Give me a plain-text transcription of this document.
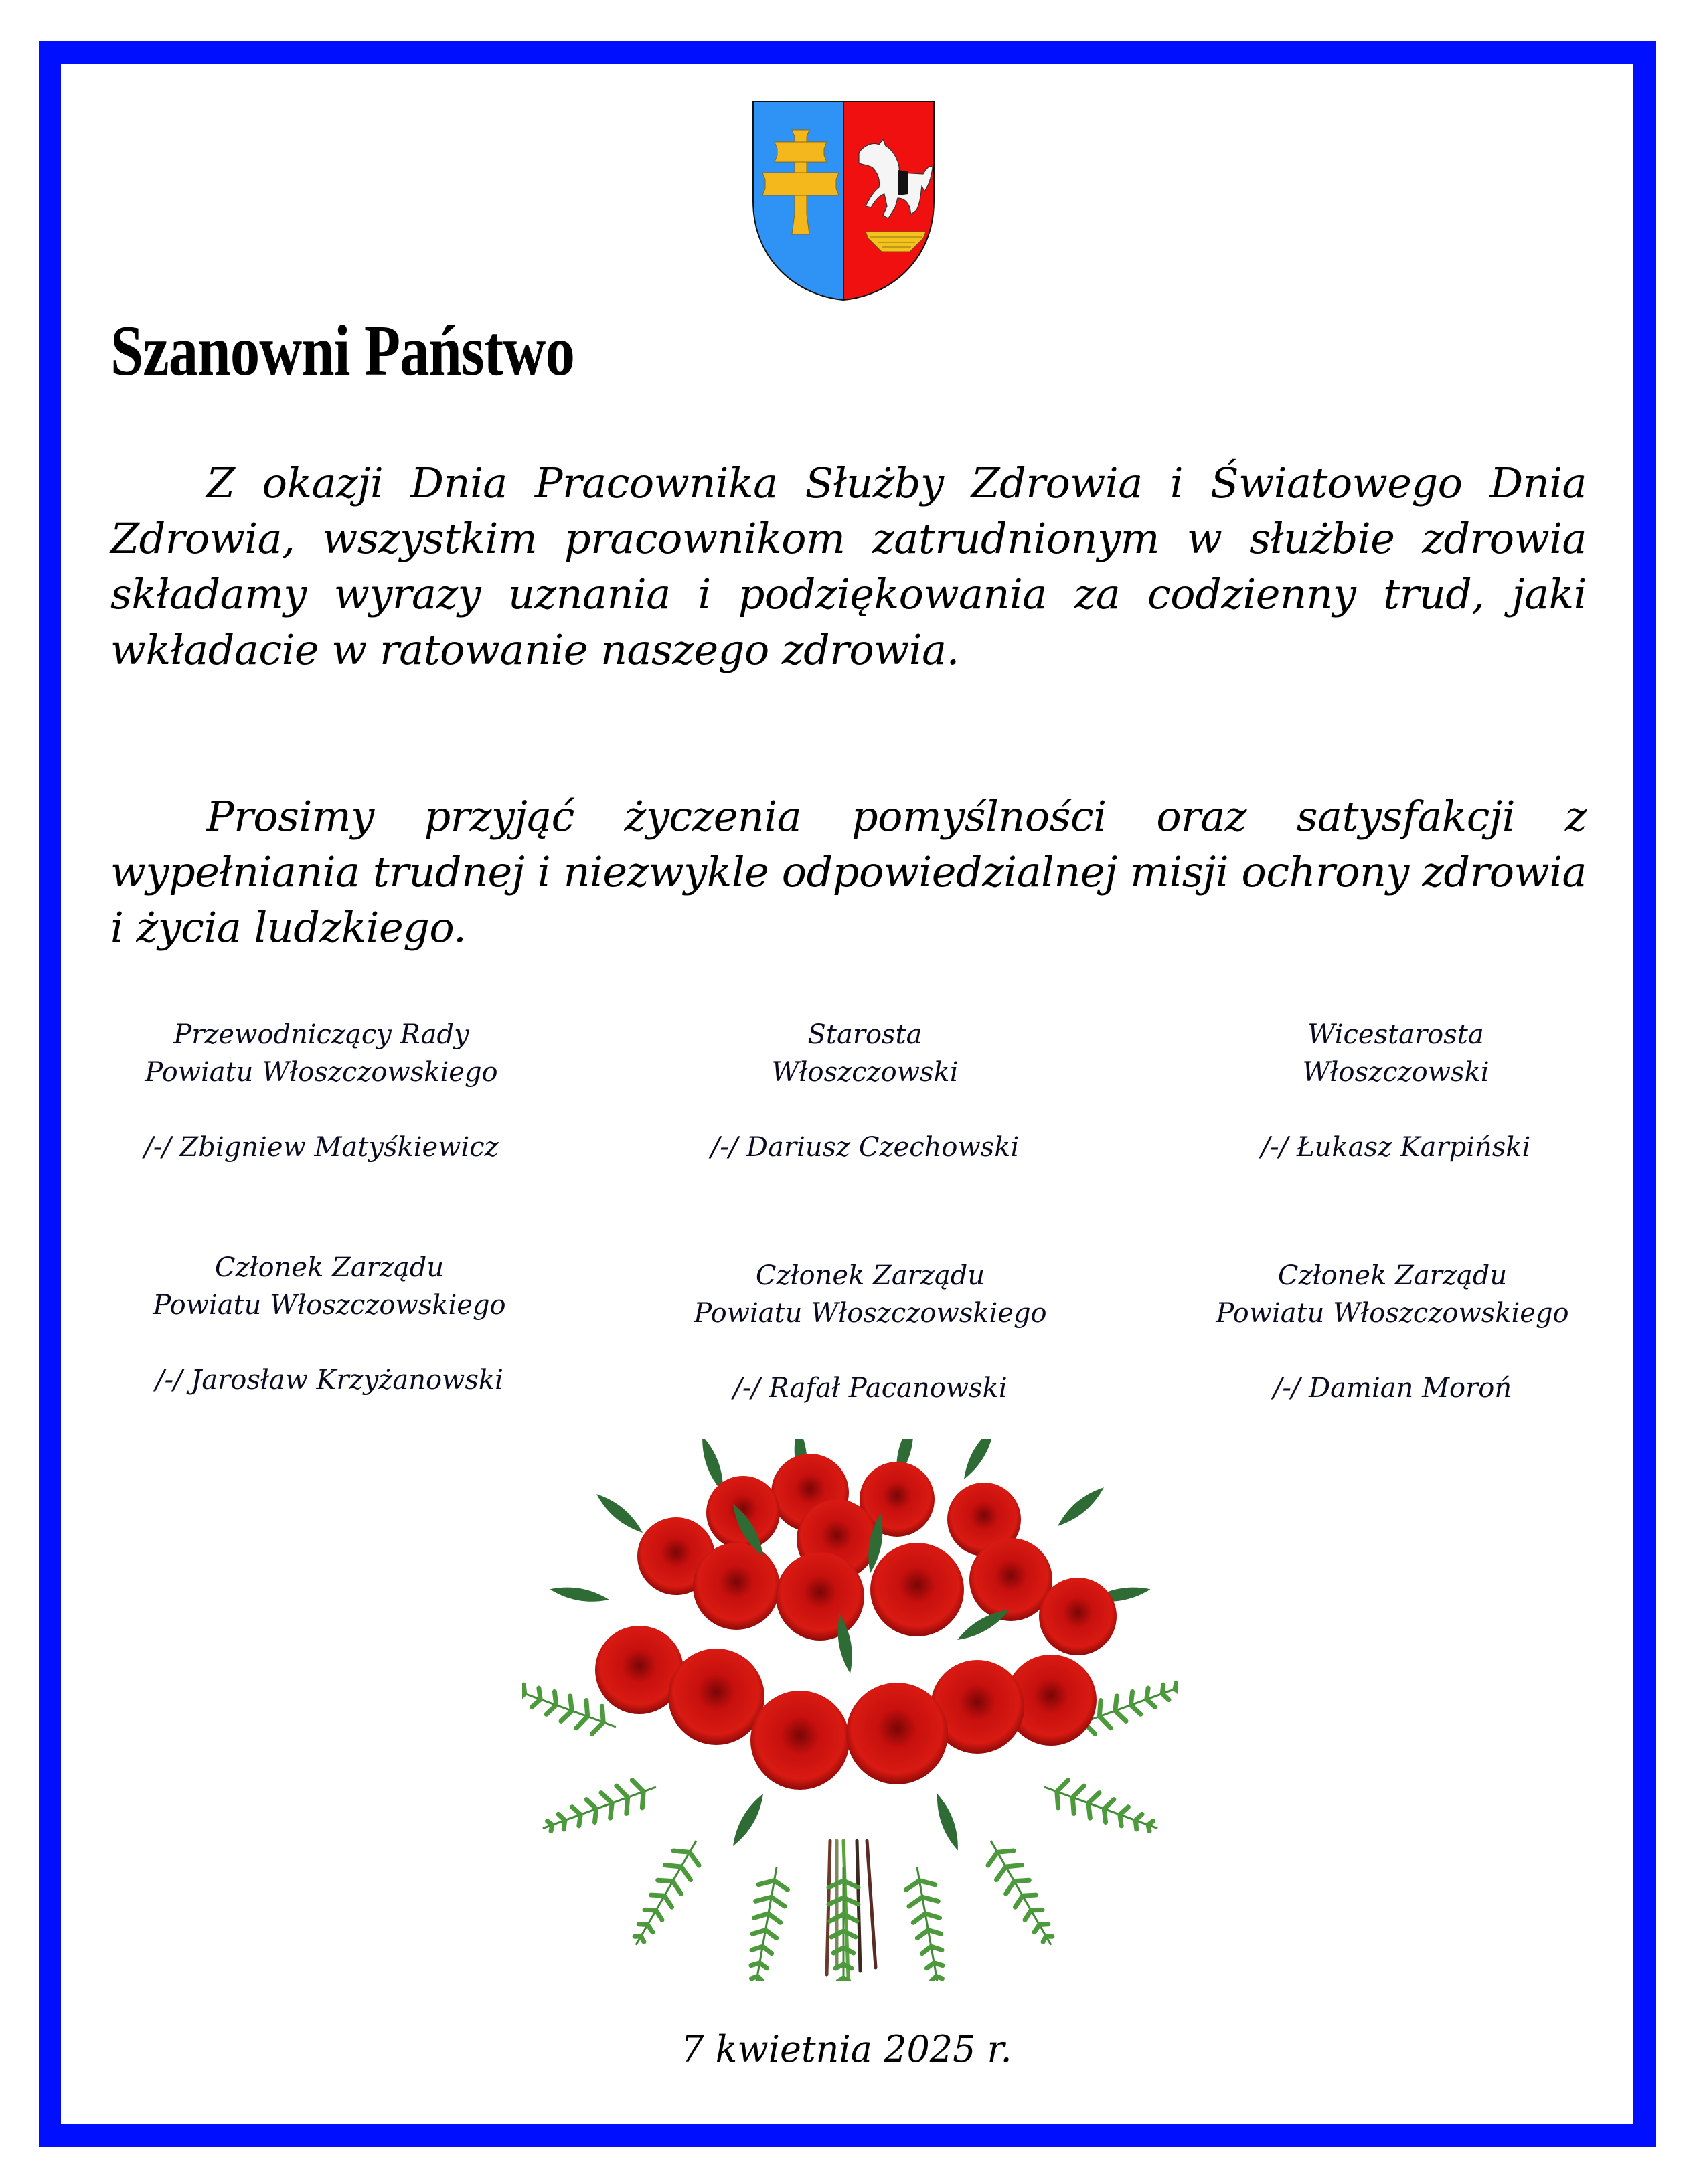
Szanowni Państwo

Z okazji Dnia Pracownika Służby Zdrowia i Światowego Dnia Zdrowia, wszystkim pracownikom zatrudnionym w służbie zdrowia składamy wyrazy uznania i podziękowania za codzienny trud, jaki wkładacie w ratowanie naszego zdrowia.

Prosimy przyjąć życzenia pomyślności oraz satysfakcji z wypełniania trudnej i niezwykle odpowiedzialnej misji ochrony zdrowia i życia ludzkiego.

Przewodniczący Rady
Powiatu Włoszczowskiego
/-/ Zbigniew Matyśkiewicz
Starosta
Włoszczowski
/-/ Dariusz Czechowski
Wicestarosta
Włoszczowski
/-/ Łukasz Karpiński
Członek Zarządu
Powiatu Włoszczowskiego
/-/ Jarosław Krzyżanowski
Członek Zarządu
Powiatu Włoszczowskiego
/-/ Rafał Pacanowski
Członek Zarządu
Powiatu Włoszczowskiego
/-/ Damian Moroń
7 kwietnia 2025 r.
